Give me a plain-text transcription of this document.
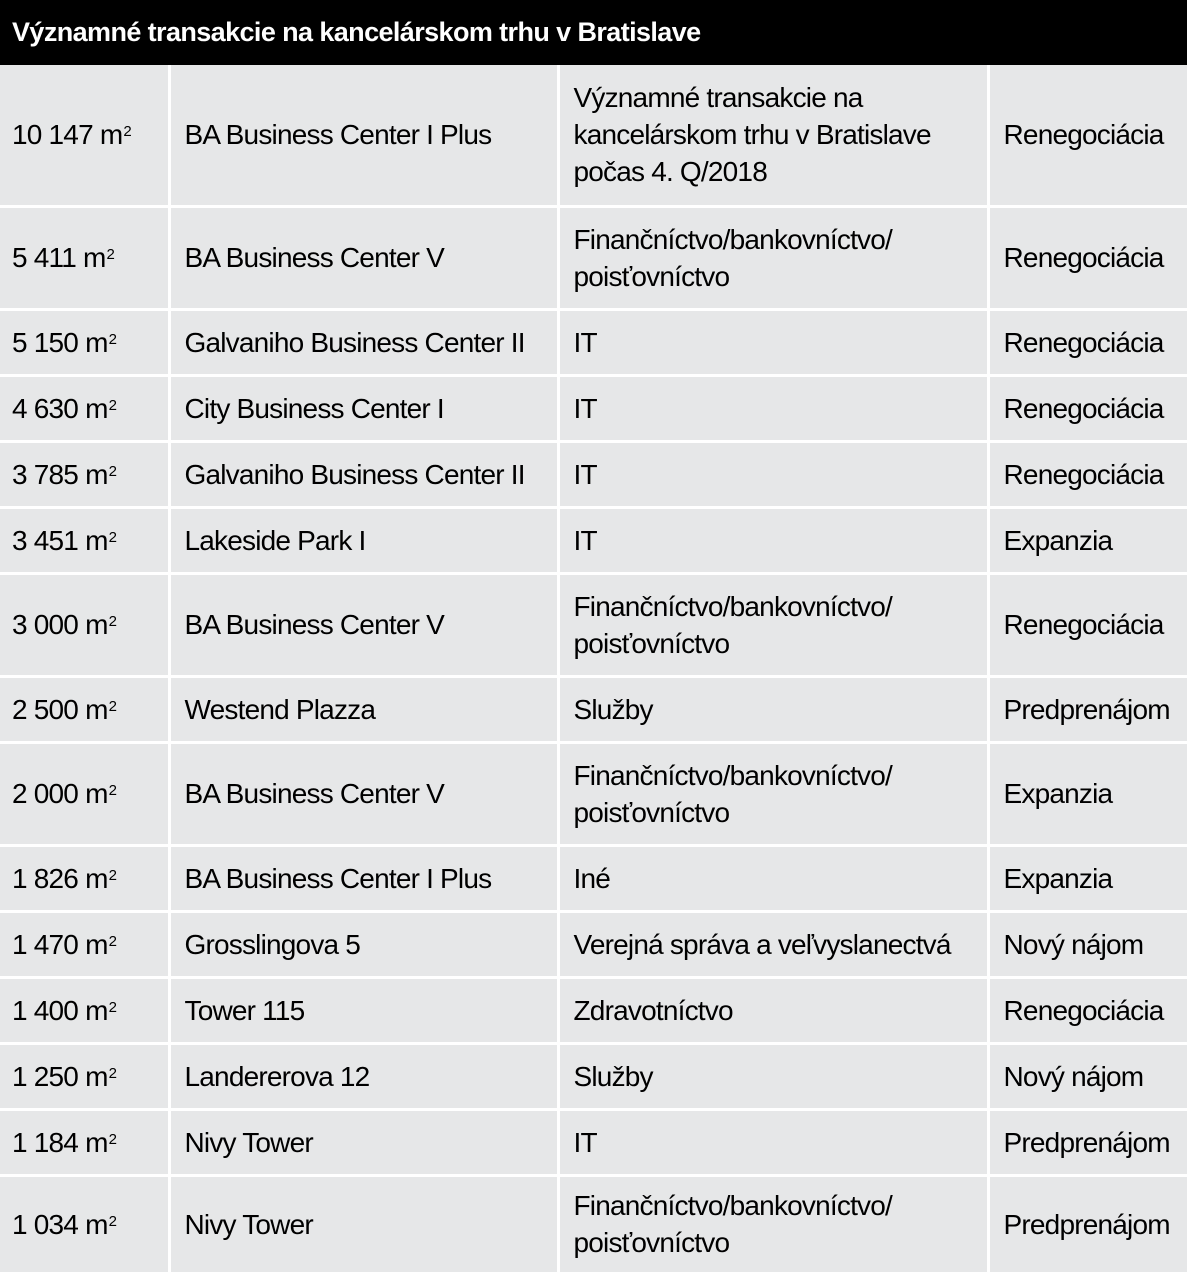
Významné transakcie na kancelárskom trhu v Bratislave
10 147 $m^2$	BA Business Center I Plus	Významné transakcie na kancelárskom trhu v Bratislave počas 4. Q/2018	Renegociácia

5 411 $m^2$	BA Business Center V	Finančníctvo/bankovníctvo/ poisťovníctvo	Renegociácia

5 150 $m^2$	Galvaniho Business Center II	IT	Renegociácia

4 630 $m^2$	City Business Center I	IT	Renegociácia

3 785 $m^2$	Galvaniho Business Center II	IT	Renegociácia

3 451 $m^2$	Lakeside Park I	IT	Expanzia

3 000 $m^2$	BA Business Center V	Finančníctvo/bankovníctvo/ poisťovníctvo	Renegociácia

2 500 $m^2$	Westend Plazza	Služby	Predprenájom

2 000 $m^2$	BA Business Center V	Finančníctvo/bankovníctvo/ poisťovníctvo	Expanzia

1 826 $m^2$	BA Business Center I Plus	Iné	Expanzia

1 470 $m^2$	Grosslingova 5	Verejná správa a veľvyslanectvá	Nový nájom

1 400 $m^2$	Tower 115	Zdravotníctvo	Renegociácia

1 250 $m^2$	Landererova 12	Služby	Nový nájom

1 184 $m^2$	Nivy Tower	IT	Predprenájom

1 034 $m^2$	Nivy Tower	Finančníctvo/bankovníctvo/ poisťovníctvo	Predprenájom
